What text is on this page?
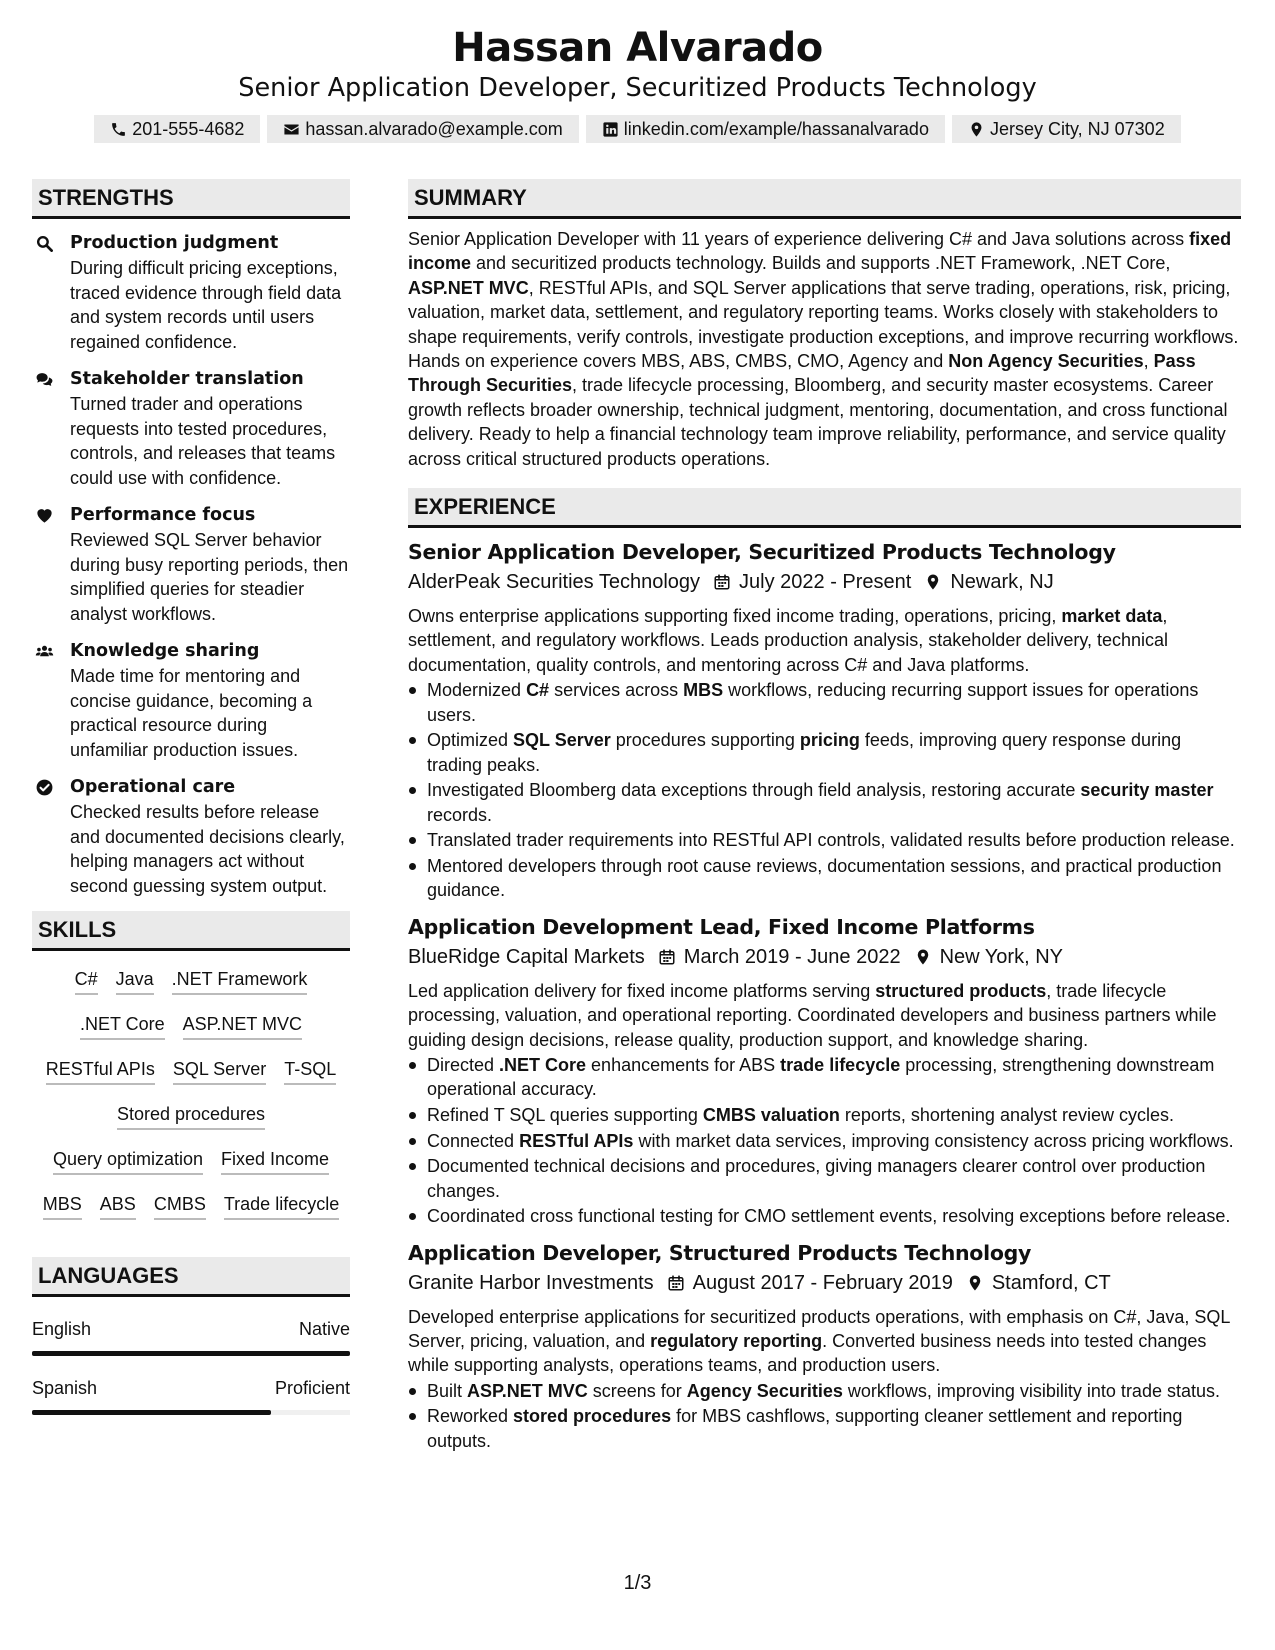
Hassan Alvarado
Senior Application Developer, Securitized Products Technology
201-555-4682	hassan.alvarado@example.com	linkedin.com/example/hassanalvarado	Jersey City, NJ 07302
STRENGTHS
Production judgment
During difficult pricing exceptions, traced evidence through field data and system records until users regained confidence.
Stakeholder translation
Turned trader and operations requests into tested procedures, controls, and releases that teams could use with confidence.
Performance focus
Reviewed SQL Server behavior during busy reporting periods, then simplified queries for steadier analyst workflows.
Knowledge sharing
Made time for mentoring and concise guidance, becoming a practical resource during unfamiliar production issues.
Operational care
Checked results before release and documented decisions clearly, helping managers act without second guessing system output.
SKILLS
C# Java .NET Framework
.NET Core ASP.NET MVC
RESTful APIs SQL Server T-SQL
Stored procedures
Query optimization Fixed Income
MBS ABS CMBS Trade lifecycle
LANGUAGES
English	Native
Spanish	Proficient
SUMMARY

Senior Application Developer with 11 years of experience delivering C# and Java solutions across fixed income and securitized products technology. Builds and supports .NET Framework, .NET Core, ASP.NET MVC, RESTful APIs, and SQL Server applications that serve trading, operations, risk, pricing, valuation, market data, settlement, and regulatory reporting teams. Works closely with stakeholders to shape requirements, verify controls, investigate production exceptions, and improve recurring workflows. Hands on experience covers MBS, ABS, CMBS, CMO, Agency and Non Agency Securities, Pass Through Securities, trade lifecycle processing, Bloomberg, and security master ecosystems. Career growth reflects broader ownership, technical judgment, mentoring, documentation, and cross functional delivery. Ready to help a financial technology team improve reliability, performance, and service quality across critical structured products operations.

EXPERIENCE
Senior Application Developer, Securitized Products Technology
AlderPeak Securities Technology July 2022 - Present Newark, NJ

Owns enterprise applications supporting fixed income trading, operations, pricing, market data, settlement, and regulatory workflows. Leads production analysis, stakeholder delivery, technical documentation, quality controls, and mentoring across C# and Java platforms.

Modernized C# services across MBS workflows, reducing recurring support issues for operations users.
Optimized SQL Server procedures supporting pricing feeds, improving query response during trading peaks.
Investigated Bloomberg data exceptions through field analysis, restoring accurate security master records.
Translated trader requirements into RESTful API controls, validated results before production release.
Mentored developers through root cause reviews, documentation sessions, and practical production guidance.
Application Development Lead, Fixed Income Platforms
BlueRidge Capital Markets March 2019 - June 2022 New York, NY

Led application delivery for fixed income platforms serving structured products, trade lifecycle processing, valuation, and operational reporting. Coordinated developers and business partners while guiding design decisions, release quality, production support, and knowledge sharing.

Directed .NET Core enhancements for ABS trade lifecycle processing, strengthening downstream operational accuracy.
Refined T SQL queries supporting CMBS valuation reports, shortening analyst review cycles.
Connected RESTful APIs with market data services, improving consistency across pricing workflows.
Documented technical decisions and procedures, giving managers clearer control over production changes.
Coordinated cross functional testing for CMO settlement events, resolving exceptions before release.
Application Developer, Structured Products Technology
Granite Harbor Investments August 2017 - February 2019 Stamford, CT

Developed enterprise applications for securitized products operations, with emphasis on C#, Java, SQL Server, pricing, valuation, and regulatory reporting. Converted business needs into tested changes while supporting analysts, operations teams, and production users.

Built ASP.NET MVC screens for Agency Securities workflows, improving visibility into trade status.
Reworked stored procedures for MBS cashflows, supporting cleaner settlement and reporting outputs.
1/3
